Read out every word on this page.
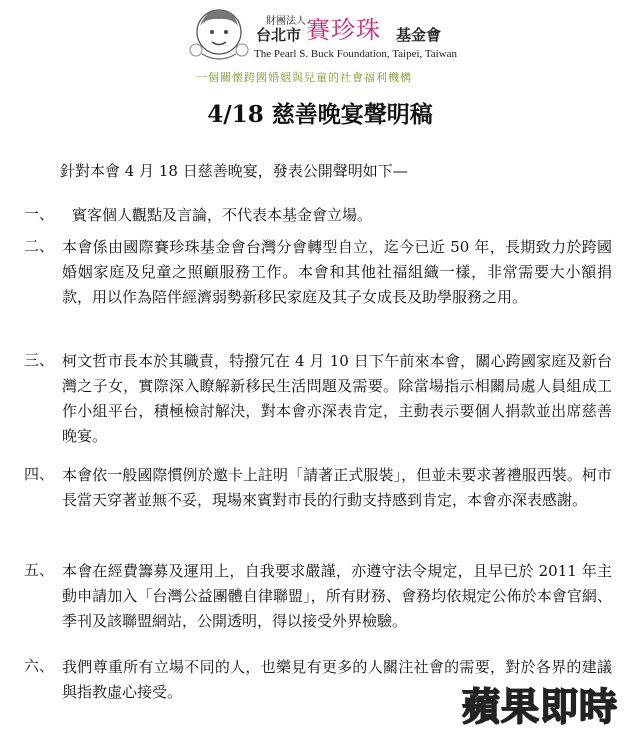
財團法人
台北市 賽珍珠 基金會
The Pearl S. Buck Foundation, Taipei, Taiwan
一個關懷跨國婚姻與兒童的社會福利機構
4/18 慈善晚宴聲明稿
針對本會 4 月 18 日慈善晚宴，發表公開聲明如下—
一、 賓客個人觀點及言論，不代表本基金會立場。
二、 本會係由國際賽珍珠基金會台灣分會轉型自立，迄今已近 50 年，長期致力於跨國婚姻家庭及兒童之照顧服務工作。本會和其他社福組織一樣，非常需要大小額捐款，用以作為陪伴經濟弱勢新移民家庭及其子女成長及助學服務之用。
三、 柯文哲市長本於其職責，特撥冗在 4 月 10 日下午前來本會，關心跨國家庭及新台灣之子女，實際深入瞭解新移民生活問題及需要。除當場指示相關局處人員組成工作小組平台，積極檢討解決，對本會亦深表肯定，主動表示要個人捐款並出席慈善晚宴。
四、 本會依一般國際慣例於邀卡上註明「請著正式服裝」，但並未要求著禮服西裝。柯市長當天穿著並無不妥，現場來賓對市長的行動支持感到肯定，本會亦深表感謝。
五、 本會在經費籌募及運用上，自我要求嚴謹，亦遵守法令規定，且早已於 2011 年主動申請加入「台灣公益團體自律聯盟」，所有財務、會務均依規定公佈於本會官網、季刊及該聯盟網站，公開透明，得以接受外界檢驗。
六、 我們尊重所有立場不同的人，也樂見有更多的人關注社會的需要，對於各界的建議與指教虛心接受。	蘋果即時
